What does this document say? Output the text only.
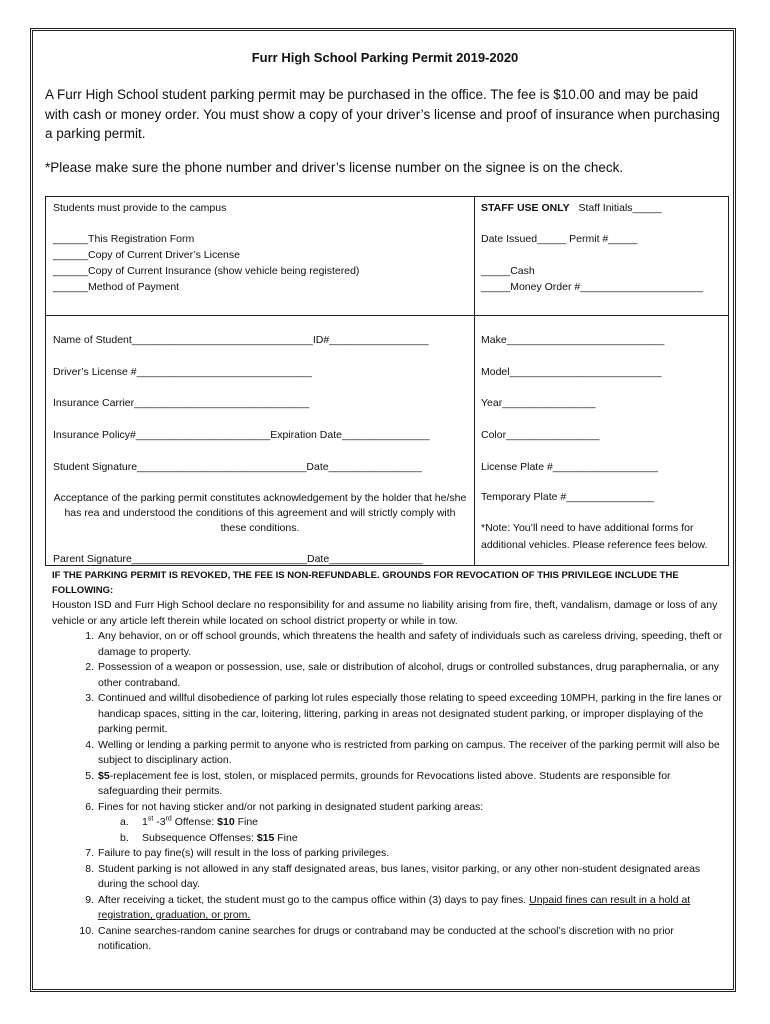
Furr High School Parking Permit 2019-2020
A Furr High School student parking permit may be purchased in the office. The fee is $10.00 and may be paid with cash or money order. You must show a copy of your driver’s license and proof of insurance when purchasing a parking permit.
*Please make sure the phone number and driver’s license number on the signee is on the check.
Students must provide to the campus
______This Registration Form
______Copy of Current Driver’s License
______Copy of Current Insurance (show vehicle being registered)
______Method of Payment
STAFF USE ONLY Staff Initials_____
Date Issued_____ Permit #_____
_____Cash
_____Money Order #_____________________
Name of Student_______________________________ID#_________________
Driver’s License #______________________________
Insurance Carrier______________________________
Insurance Policy#_______________________Expiration Date_______________
Student Signature_____________________________Date________________
Acceptance of the parking permit constitutes acknowledgement by the holder that he/she has rea and understood the conditions of this agreement and will strictly comply with these conditions.
Parent Signature______________________________Date________________
Make___________________________
Model__________________________
Year________________
Color________________
License Plate #__________________
Temporary Plate #_______________
*Note: You’ll need to have additional forms for additional vehicles. Please reference fees below.
IF THE PARKING PERMIT IS REVOKED, THE FEE IS NON-REFUNDABLE. GROUNDS FOR REVOCATION OF THIS PRIVILEGE INCLUDE THE FOLLOWING:
Houston ISD and Furr High School declare no responsibility for and assume no liability arising from fire, theft, vandalism, damage or loss of any vehicle or any article left therein while located on school district property or while in tow.
1. Any behavior, on or off school grounds, which threatens the health and safety of individuals such as careless driving, speeding, theft or damage to property.
2. Possession of a weapon or possession, use, sale or distribution of alcohol, drugs or controlled substances, drug paraphernalia, or any other contraband.
3. Continued and willful disobedience of parking lot rules especially those relating to speed exceeding 10MPH, parking in the fire lanes or handicap spaces, sitting in the car, loitering, littering, parking in areas not designated student parking, or improper displaying of the parking permit.
4. Welling or lending a parking permit to anyone who is restricted from parking on campus. The receiver of the parking permit will also be subject to disciplinary action.
5. $5-replacement fee is lost, stolen, or misplaced permits, grounds for Revocations listed above. Students are responsible for safeguarding their permits.
6. Fines for not having sticker and/or not parking in designated student parking areas:
a. 1st -3rd Offense: $10 Fine
b. Subsequence Offenses: $15 Fine
7. Failure to pay fine(s) will result in the loss of parking privileges.
8. Student parking is not allowed in any staff designated areas, bus lanes, visitor parking, or any other non-student designated areas during the school day.
9. After receiving a ticket, the student must go to the campus office within (3) days to pay fines. Unpaid fines can result in a hold at registration, graduation, or prom.
10. Canine searches-random canine searches for drugs or contraband may be conducted at the school’s discretion with no prior notification.
